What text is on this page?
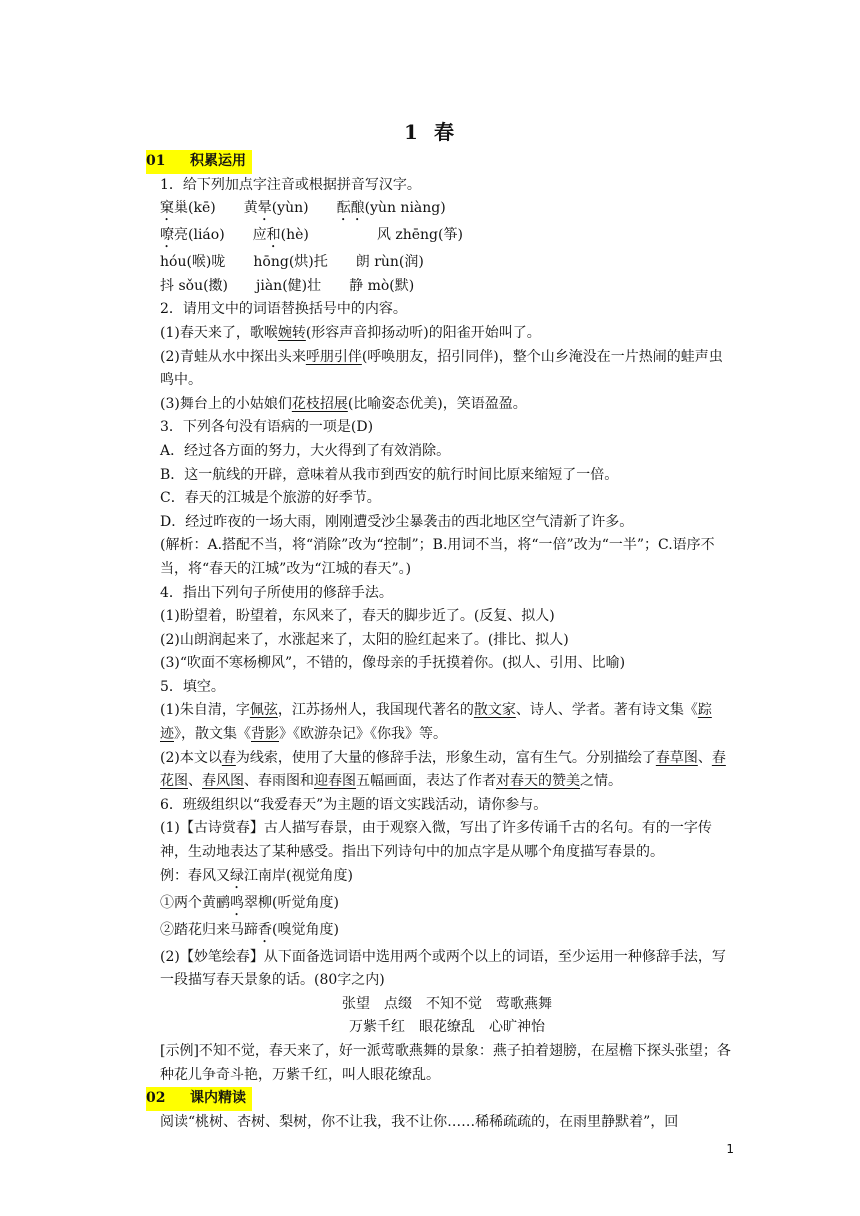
1 春
01 积累运用
1．给下列加点字注音或根据拼音写汉字。
窠巢(kē) 黄晕(yùn) 酝酿(yùn niàng)
嘹亮(liáo) 应和(hè)	风 zhēng(筝)
hóu(喉)咙 hōng(烘)托 朗 rùn(润)
抖 sǒu(擞) jiàn(健)壮 静 mò(默)
2．请用文中的词语替换括号中的内容。
(1)春天来了，歌喉婉转(形容声音抑扬动听)的阳雀开始叫了。
(2)青蛙从水中探出头来呼朋引伴(呼唤朋友，招引同伴)，整个山乡淹没在一片热闹的蛙声虫鸣中。
(3)舞台上的小姑娘们花枝招展(比喻姿态优美)，笑语盈盈。
3．下列各句没有语病的一项是(D)
A．经过各方面的努力，大火得到了有效消除。
B．这一航线的开辟，意味着从我市到西安的航行时间比原来缩短了一倍。
C．春天的江城是个旅游的好季节。
D．经过昨夜的一场大雨，刚刚遭受沙尘暴袭击的西北地区空气清新了许多。
(解析：A.搭配不当，将“消除”改为“控制”；B.用词不当，将“一倍”改为“一半”；C.语序不当，将“春天的江城”改为“江城的春天”。)
4．指出下列句子所使用的修辞手法。
(1)盼望着，盼望着，东风来了，春天的脚步近了。(反复、拟人)
(2)山朗润起来了，水涨起来了，太阳的脸红起来了。(排比、拟人)
(3)“吹面不寒杨柳风”，不错的，像母亲的手抚摸着你。(拟人、引用、比喻)
5．填空。
(1)朱自清，字佩弦，江苏扬州人，我国现代著名的散文家、诗人、学者。著有诗文集《踪迹》，散文集《背影》《欧游杂记》《你我》等。
(2)本文以春为线索，使用了大量的修辞手法，形象生动，富有生气。分别描绘了春草图、春花图、春风图、春雨图和迎春图五幅画面，表达了作者对春天的赞美之情。
6．班级组织以“我爱春天”为主题的语文实践活动，请你参与。
(1)【古诗赏春】古人描写春景，由于观察入微，写出了许多传诵千古的名句。有的一字传神，生动地表达了某种感受。指出下列诗句中的加点字是从哪个角度描写春景的。
例：春风又绿江南岸(视觉角度)
①两个黄鹂鸣翠柳(听觉角度)
②踏花归来马蹄香(嗅觉角度)
(2)【妙笔绘春】从下面备选词语中选用两个或两个以上的词语，至少运用一种修辞手法，写一段描写春天景象的话。(80字之内)
张望　点缀　不知不觉　莺歌燕舞
万紫千红　眼花缭乱　心旷神怡
[示例]不知不觉，春天来了，好一派莺歌燕舞的景象：燕子拍着翅膀，在屋檐下探头张望；各种花儿争奇斗艳，万紫千红，叫人眼花缭乱。
02 课内精读
阅读“桃树、杏树、梨树，你不让我，我不让你……稀稀疏疏的，在雨里静默着”，回
1
